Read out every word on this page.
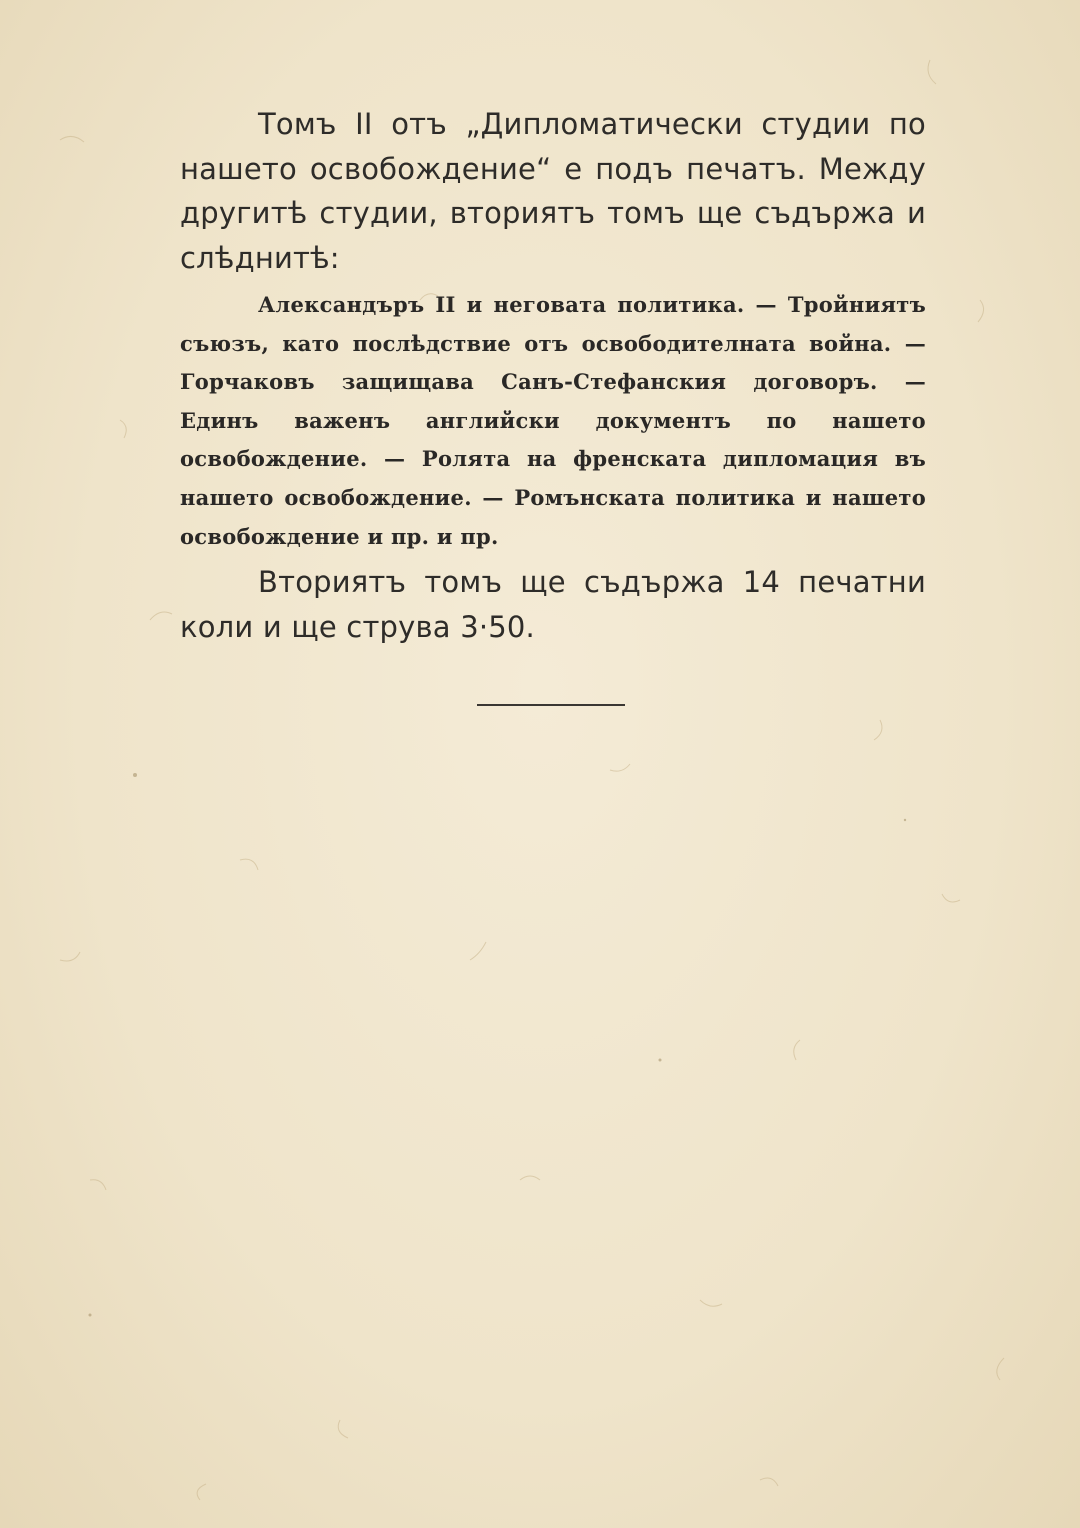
Томъ II отъ „Дипломатически студии по нашето освобождение“ е подъ печатъ. Между другитѣ студии, вториятъ томъ ще съдържа и слѣднитѣ:

Александъръ II и неговата политика. — Тройниятъ съюзъ, като послѣдствие отъ освободителната война. — Горчаковъ защищава Санъ-Стефанския договоръ. — Единъ важенъ английски документъ по нашето освобождение. — Ролята на френската дипломация въ нашето освобождение. — Ромънската политика и нашето освобождение и пр. и пр.

Вториятъ томъ ще съдържа 14 печатни коли и ще струва 3·50.
